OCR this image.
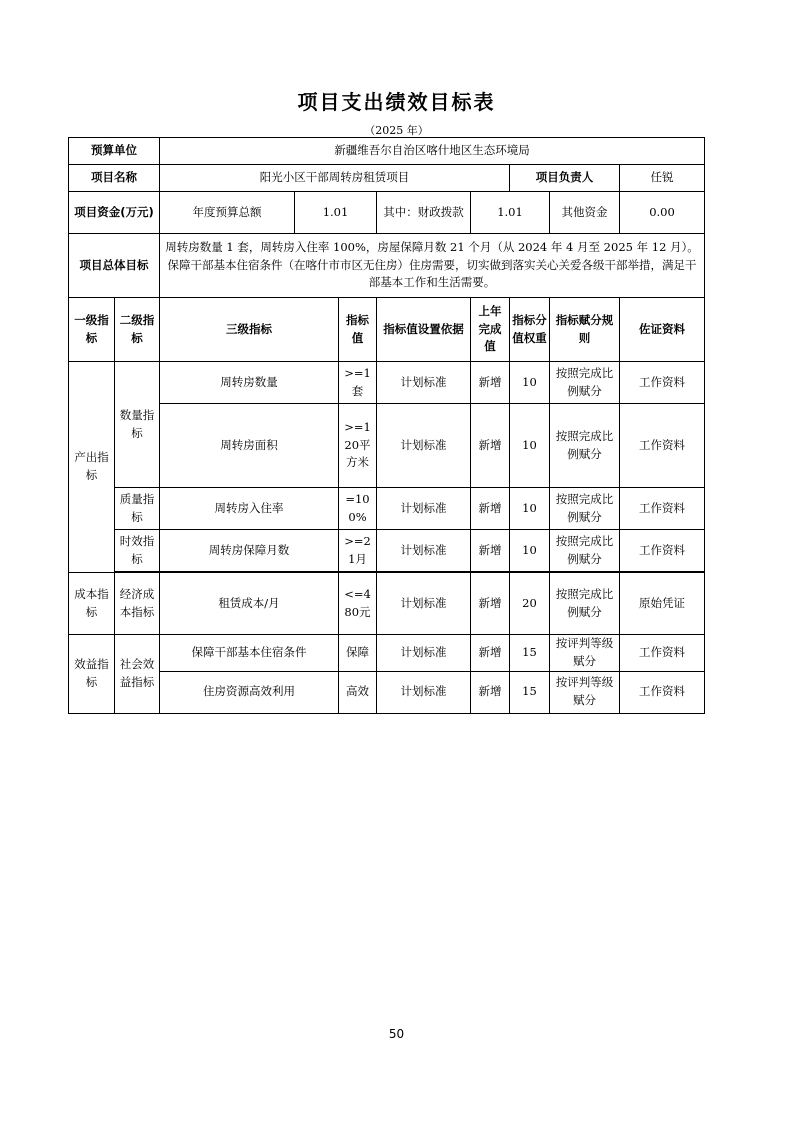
项目支出绩效目标表
（2025 年）
预算单位		新疆维吾尔自治区喀什地区生态环境局							
项目名称		阳光小区干部周转房租赁项目					项目负责人		任锐
项目资金(万元)		年度预算总额	1.01		其中：财政拨款	1.01		其他资金	0.00
项目总体目标		周转房数量 1 套，周转房入住率 100%，房屋保障月数 21 个月（从 2024 年 4 月至 2025 年 12 月）。保障干部基本住宿条件（在喀什市市区无住房）住房需要，切实做到落实关心关爱各级干部举措，满足干部基本工作和生活需要。							
一级指标	二级指标	三级指标		指标值	指标值设置依据	上年完成值	指标分值权重	指标赋分规则	佐证资料
产出指标	数量指标	周转房数量		>=1套	计划标准	新增	10	按照完成比例赋分	工作资料
		周转房面积		>=120平方米	计划标准	新增	10	按照完成比例赋分	工作资料
	质量指标	周转房入住率		=100%	计划标准	新增	10	按照完成比例赋分	工作资料
	时效指标	周转房保障月数		>=21月	计划标准	新增	10	按照完成比例赋分	工作资料

成本指标	经济成本指标	租赁成本/月		<=480元	计划标准	新增	20	按照完成比例赋分	原始凭证
效益指标	社会效益指标	保障干部基本住宿条件		保障	计划标准	新增	15	按评判等级赋分	工作资料
		住房资源高效利用		高效	计划标准	新增	15	按评判等级赋分	工作资料
50
